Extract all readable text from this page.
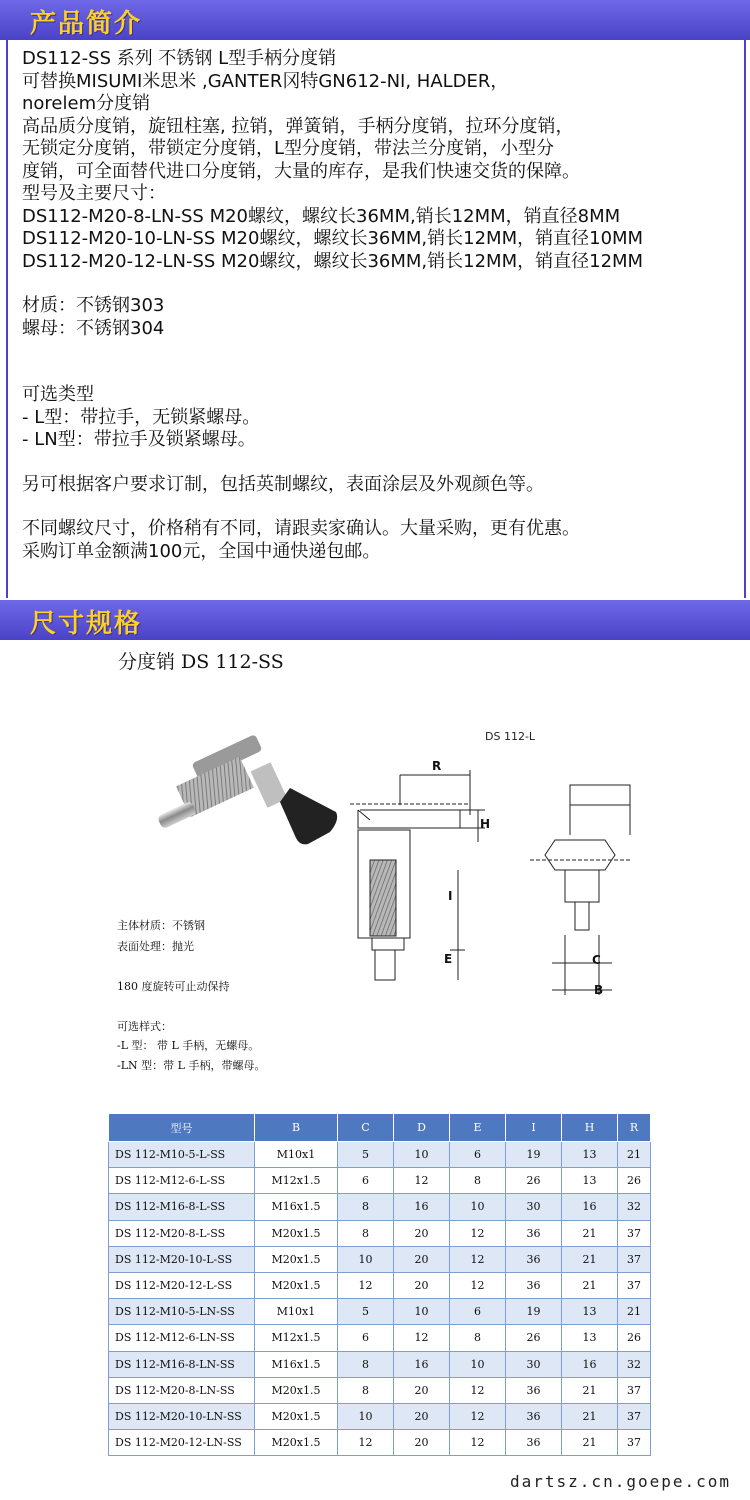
产品简介
DS112-SS 系列 不锈钢 L型手柄分度销
可替换MISUMI米思米 ,GANTER冈特GN612-NI, HALDER，
norelem分度销
高品质分度销，旋钮柱塞, 拉销，弹簧销，手柄分度销，拉环分度销，
无锁定分度销，带锁定分度销，L型分度销，带法兰分度销，小型分
度销，可全面替代进口分度销，大量的库存，是我们快速交货的保障。
型号及主要尺寸：
DS112-M20-8-LN-SS M20螺纹，螺纹长36MM,销长12MM，销直径8MM
DS112-M20-10-LN-SS M20螺纹，螺纹长36MM,销长12MM，销直径10MM
DS112-M20-12-LN-SS M20螺纹，螺纹长36MM,销长12MM，销直径12MM
材质：不锈钢303
螺母：不锈钢304
可选类型
- L型：带拉手，无锁紧螺母。
- LN型：带拉手及锁紧螺母。
另可根据客户要求订制，包括英制螺纹，表面涂层及外观颜色等。
不同螺纹尺寸，价格稍有不同，请跟卖家确认。大量采购，更有优惠。
采购订单金额满100元，全国中通快递包邮。
尺寸规格
分度销 DS 112-SS
DS 112-L
R
H
I
E	C
B
主体材质：不锈钢
表面处理：抛光
180 度旋转可止动保持
可选样式：
-L 型： 带 L 手柄，无螺母。
-LN 型：带 L 手柄，带螺母。
型号	B	C	D	E	I	H	R
DS 112-M10-5-L-SS	M10x1	5	10	6	19	13	21
DS 112-M12-6-L-SS	M12x1.5	6	12	8	26	13	26
DS 112-M16-8-L-SS	M16x1.5	8	16	10	30	16	32
DS 112-M20-8-L-SS	M20x1.5	8	20	12	36	21	37
DS 112-M20-10-L-SS	M20x1.5	10	20	12	36	21	37
DS 112-M20-12-L-SS	M20x1.5	12	20	12	36	21	37
DS 112-M10-5-LN-SS	M10x1	5	10	6	19	13	21
DS 112-M12-6-LN-SS	M12x1.5	6	12	8	26	13	26
DS 112-M16-8-LN-SS	M16x1.5	8	16	10	30	16	32
DS 112-M20-8-LN-SS	M20x1.5	8	20	12	36	21	37
DS 112-M20-10-LN-SS	M20x1.5	10	20	12	36	21	37
DS 112-M20-12-LN-SS	M20x1.5	12	20	12	36	21	37
dartsz.cn.goepe.com
